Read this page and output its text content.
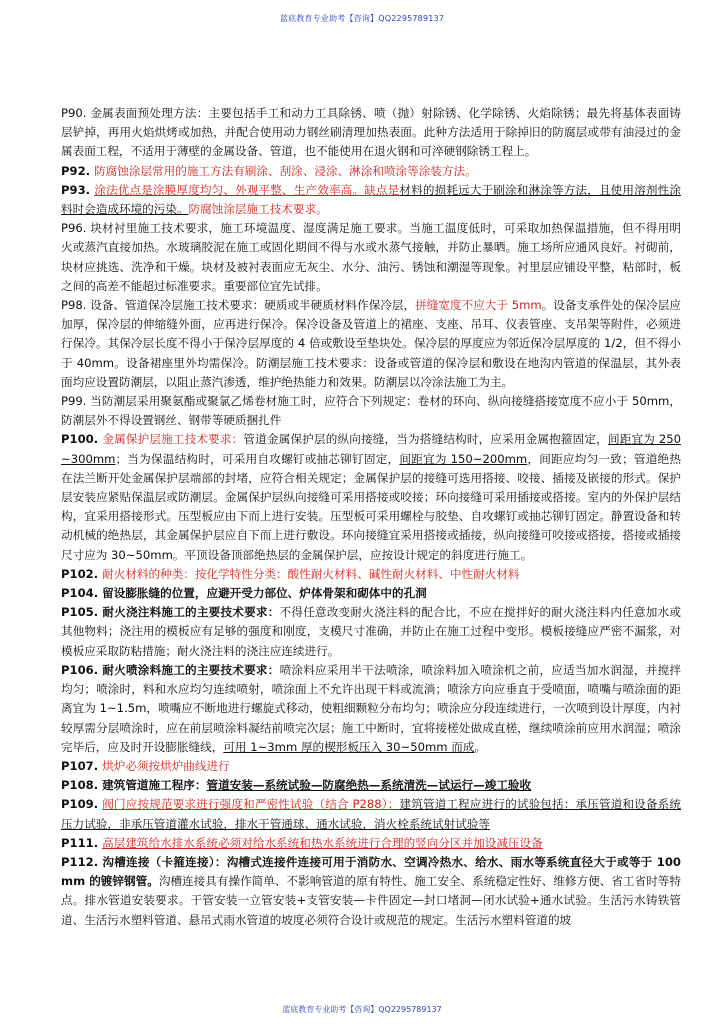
蓝底教育专业助考【咨询】QQ2295789137

P90. 金属表面预处理方法：主要包括手工和动力工具除锈、喷（抛）射除锈、化学除锈、火焰除锈；最先将基体表面铸层铲掉，再用火焰烘烤或加热，并配合使用动力钢丝刷清理加热表面。此种方法适用于除掉旧的防腐层或带有油浸过的金属表面工程，不适用于薄壁的金属设备、管道，也不能使用在退火钢和可淬硬钢除锈工程上。

P92. 防腐蚀涂层常用的施工方法有刷涂、刮涂、浸涂、淋涂和喷涂等涂装方法。

P93. 涂法优点是涂膜厚度均匀、外观平整、生产效率高。缺点是材料的损耗远大于刷涂和淋涂等方法，且使用溶剂性涂料时会造成环境的污染。防腐蚀涂层施工技术要求。

P96. 块材衬里施工技术要求，施工环境温度、湿度满足施工要求。当施工温度低时，可采取加热保温措施，但不得用明火或蒸汽直接加热。水玻璃胶泥在施工或固化期间不得与水或水蒸气接触，并防止暴晒。施工场所应通风良好。衬砌前，块材应挑选、洗净和干燥。块材及被衬表面应无灰尘、水分、油污、锈蚀和潮湿等现象。衬里层应铺设平整，粘部时，板之间的高差不能超过标准要求。重要部位宜先试排。

P98. 设备、管道保冷层施工技术要求：硬质或半硬质材料作保冷层，拼缝宽度不应大于 5mm。设备支承件处的保冷层应加厚，保冷层的伸缩缝外面，应再进行保冷。保冷设备及管道上的裙座、支座、吊耳、仪表管座、支吊架等附件，必须进行保冷。其保冷层长度不得小于保冷层厚度的 4 倍或敷设至垫块处。保冷层的厚度应为邻近保冷层厚度的 1/2，但不得小于 40mm。设备裙座里外均需保冷。防潮层施工技术要求：设备或管道的保冷层和敷设在地沟内管道的保温层，其外表面均应设置防潮层，以阻止蒸汽渗透，维护绝热能力和效果。防潮层以冷涂法施工为主。

P99. 当防潮层采用聚氨酯或聚氯乙烯卷材施工时，应符合下列规定：卷材的环向、纵向接缝搭接宽度不应小于 50mm，防潮层外不得设置钢丝、钢带等硬质捆扎件

P100. 金属保护层施工技术要求：管道金属保护层的纵向接缝，当为搭缝结构时，应采用金属抱箍固定，间距宜为 250~300mm；当为保温结构时，可采用自攻螺钉或抽芯铆钉固定，间距宜为 150~200mm，间距应均匀一致；管道绝热在法兰断开处金属保护层端部的封堵，应符合相关规定；金属保护层的接缝可选用搭接、咬接、插接及嵌接的形式。保护层安装应紧贴保温层或防潮层。金属保护层纵向接缝可采用搭接或咬接；环向接缝可采用插接或搭接。室内的外保护层结构，宜采用搭接形式。压型板应由下而上进行安装。压型板可采用螺栓与胶垫、自攻螺钉或抽芯铆钉固定。静置设备和转动机械的绝热层，其金属保护层应自下而上进行敷设。环向接缝宜采用搭接或插接，纵向接缝可咬接或搭接，搭接或插接尺寸应为 30~50mm。平顶设备顶部绝热层的金属保护层，应按设计规定的斜度进行施工。

P102. 耐火材料的种类：按化学特性分类：酸性耐火材料、碱性耐火材料、中性耐火材料

P104. 留设膨胀缝的位置，应避开受力部位、炉体骨架和砌体中的孔洞

P105. 耐火浇注料施工的主要技术要求：不得任意改变耐火浇注料的配合比，不应在搅拌好的耐火浇注料内任意加水或其他物料；浇注用的模板应有足够的强度和刚度，支模尺寸准确，并防止在施工过程中变形。模板接缝应严密不漏浆，对模板应采取防粘措施；耐火浇注料的浇注应连续进行。

P106. 耐火喷涂料施工的主要技术要求：喷涂料应采用半干法喷涂，喷涂料加入喷涂机之前，应适当加水润湿，并搅拌均匀；喷涂时，料和水应均匀连续喷射，喷涂面上不允许出现干料或流淌；喷涂方向应垂直于受喷面，喷嘴与喷涂面的距离宜为 1~1.5m，喷嘴应不断地进行螺旋式移动，使粗细颗粒分布均匀；喷涂应分段连续进行，一次喷到设计厚度，内衬较厚需分层喷涂时，应在前层喷涂料凝结前喷完次层；施工中断时，宜将接槎处做成直槎，继续喷涂前应用水润湿；喷涂完毕后，应及时开设膨胀缝线，可用 1~3mm 厚的楔形板压入 30~50mm 而成。

P107. 烘炉必须按烘炉曲线进行

P108. 建筑管道施工程序：管道安装—系统试验—防腐绝热—系统清洗—试运行—竣工验收

P109. 阀门应按规范要求进行强度和严密性试验（结合 P288）；建筑管道工程应进行的试验包括：承压管道和设备系统压力试验，非承压管道灌水试验，排水干管通球、通水试验，消火栓系统试射试验等

P111. 高层建筑给水排水系统必须对给水系统和热水系统进行合理的竖向分区并加设减压设备

P112. 沟槽连接（卡箍连接）：沟槽式连接件连接可用于消防水、空调冷热水、给水、雨水等系统直径大于或等于 100mm 的镀锌钢管。沟槽连接具有操作简单、不影响管道的原有特性、施工安全、系统稳定性好、维修方便、省工省时等特点。排水管道安装要求。干管安装一立管安装+支管安装—卡件固定—封口堵洞—闭水试验+通水试验。生活污水铸铁管道、生活污水塑料管道、悬吊式雨水管道的坡度必须符合设计或规范的规定。生活污水塑料管道的坡

蓝底教育专业助考【咨询】QQ2295789137
